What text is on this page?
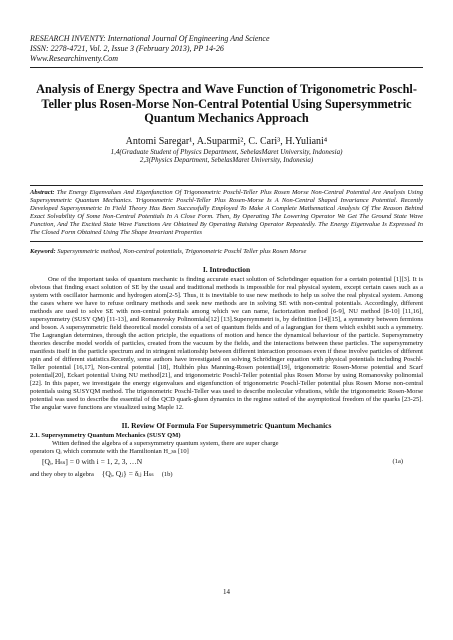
RESEARCH INVENTY: International Journal Of Engineering And Science
ISSN: 2278-4721, Vol. 2, Issue 3 (February 2013), PP 14-26
Www.Researchinventy.Com
Analysis of Energy Spectra and Wave Function of Trigonometric Poschl-Teller plus Rosen-Morse Non-Central Potential Using Supersymmetric Quantum Mechanics Approach
Antomi Saregar¹, A.Suparmi², C. Cari³, H.Yuliani⁴
1,4(Graduate Student of Physics Department, SebelasMaret University, Indonesia)
2,3(Physics Department, SebelasMaret University, Indonesia)

Abstract: The Energy Eigenvalues And Eigenfunction Of Trigonometric Poschl-Teller Plus Rosen Morse Non-Central Potential Are Analysis Using Supersymmetric Quantum Mechanics. Trigonometric Poschl-Teller Plus Rosen-Morse Is A Non-Central Shaped Invariance Potential. Recently Developed Supersymmetric In Field Theory Has Been Successfully Employed To Make A Complete Mathematical Analysis Of The Reason Behind Exact Solvability Of Some Non-Central Potentials In A Close Form. Then, By Operating The Lowering Operator We Get The Ground State Wave Function, And The Excited State Wave Functions Are Obtained By Operating Raising Operator Repeatedly. The Energy Eigenvalue Is Expressed In The Closed Form Obtained Using The Shape Invariant Properties

Keyword: Supersymmetric method, Non-central potentials, Trigonometric Poschl Teller plus Rosen Morse
I. Introduction

One of the important tasks of quantum mechanic is finding accurate exact solution of Schrödinger equation for a certain potential [1][3]. It is obvious that finding exact solution of SE by the usual and traditional methods is impossible for real physical system, except certain cases such as a system with oscillator harmonic and hydrogen atom[2-5]. Thus, it is inevitable to use new methods to help us solve the real physical system. Among the cases where we have to refuse ordinary methods and seek new methods are in solving SE with non-central potentials. Accordingly, different methods are used to solve SE with non-central potentials among which we can name, factorization method [6-9], NU method [8-10] [11,16], supersymmetry (SUSY QM) [11-13], and Romanovsky Polinomials[12] [13].Supersymmetri is, by definition [14][15], a symmetry between fermions and boson. A supersymmetric field theoretical model consists of a set of quantum fields and of a lagrangian for them which exhibit such a symmetry. The Lagrangian determines, through the action priciple, the equations of motion and hence the dynamical behaviour of the particle. Supersymmetry theories describe model worlds of particles, created from the vacuum by the fields, and the interactions between these particles. The supersymmetry manifests itself in the particle spectrum and in stringent relationship between different interaction processes even if these involve particles of different spin and of different statistics.Recently, some authors have investigated on solving Schrödinger equation with physical potentials including Poschl-Teller potential [16,17], Non-central potential [18], Hulthén plus Manning-Rosen potential[19], trigonometric Rosen-Morse potential and Scarf potential[20], Eckart potential Using NU method[21], and trigonometric Poschl-Teller potential plus Rosen Morse by using Romanovsky polinomial [22]. In this paper, we investigate the energy eigenvalues and eigenfunction of trigonometric Poschl-Teller potential plus Rosen Morse non-central potentials using SUSYQM method. The trigonometric Poschl-Teller was used to describe molecular vibrations, while the trigonometric Rosen-Morse potential was used to describe the essential of the QCD quark-gluon dynamics in the regime suited of the asymptotical freedom of the quarks [23-25]. The angular wave functions are visualized using Maple 12.

II. Review Of Formula For Supersymmetric Quantum Mechanics
2.1. Supersymmetry Quantum Mechanics (SUSY QM)
Witten defined the algebra of a supersymmetry quantum system, there are super charge
operators Qᵢ which commute with the Hamiltonian H_ss [10]
[Qᵢ, Hₛₛ] = 0 with i = 1, 2, 3, …N	(1a)
and they obey to algebra {Qᵢ, Qⱼ} = δᵢⱼ Hₛₛ (1b)
14
